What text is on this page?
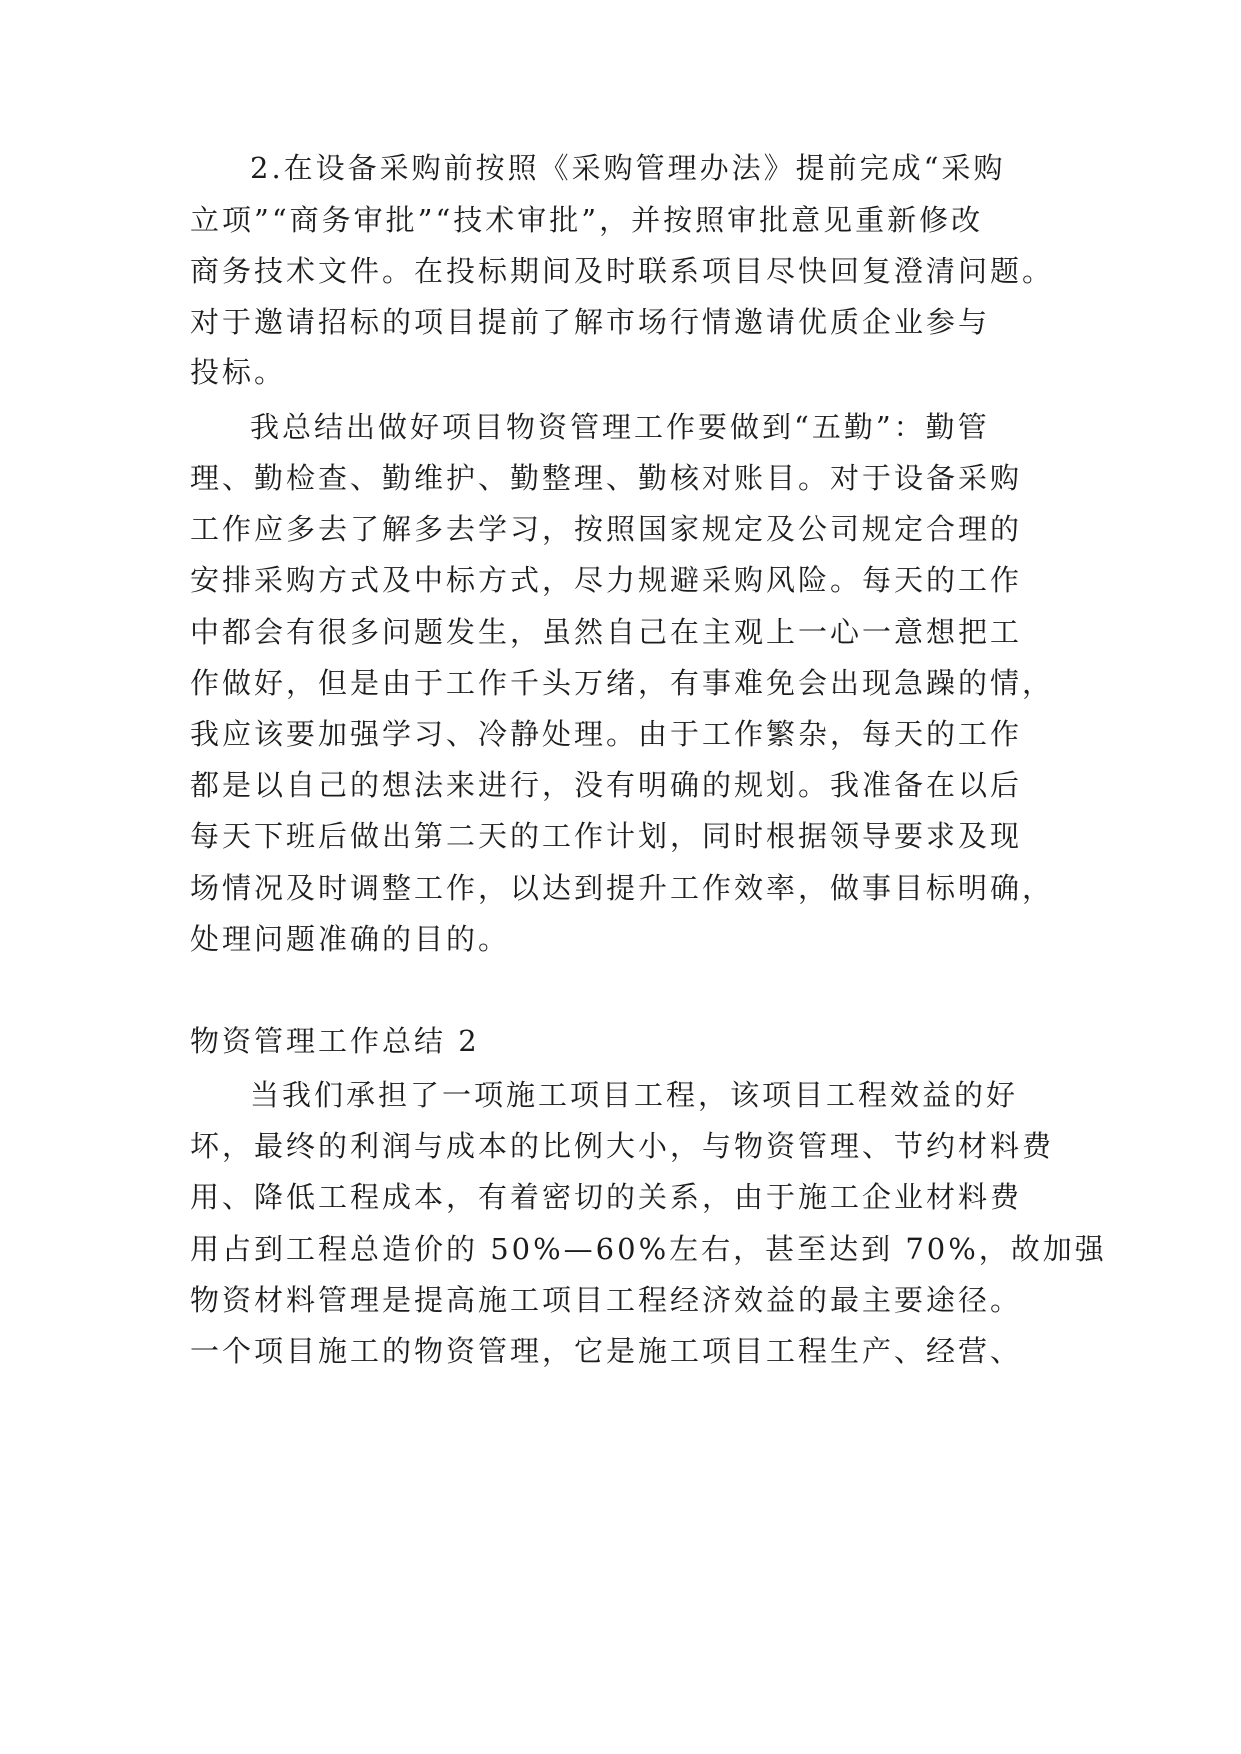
2.在设备采购前按照《采购管理办法》提前完成“采购
立项”“商务审批”“技术审批”，并按照审批意见重新修改
商务技术文件。在投标期间及时联系项目尽快回复澄清问题。
对于邀请招标的项目提前了解市场行情邀请优质企业参与
投标。
我总结出做好项目物资管理工作要做到“五勤”：勤管
理、勤检查、勤维护、勤整理、勤核对账目。对于设备采购
工作应多去了解多去学习，按照国家规定及公司规定合理的
安排采购方式及中标方式，尽力规避采购风险。每天的工作
中都会有很多问题发生，虽然自己在主观上一心一意想把工
作做好，但是由于工作千头万绪，有事难免会出现急躁的情，
我应该要加强学习、冷静处理。由于工作繁杂，每天的工作
都是以自己的想法来进行，没有明确的规划。我准备在以后
每天下班后做出第二天的工作计划，同时根据领导要求及现
场情况及时调整工作，以达到提升工作效率，做事目标明确，
处理问题准确的目的。
物资管理工作总结 2
当我们承担了一项施工项目工程，该项目工程效益的好
坏，最终的利润与成本的比例大小，与物资管理、节约材料费
用、降低工程成本，有着密切的关系，由于施工企业材料费
用占到工程总造价的 50%—60%左右，甚至达到 70%，故加强
物资材料管理是提高施工项目工程经济效益的最主要途径。
一个项目施工的物资管理，它是施工项目工程生产、经营、
